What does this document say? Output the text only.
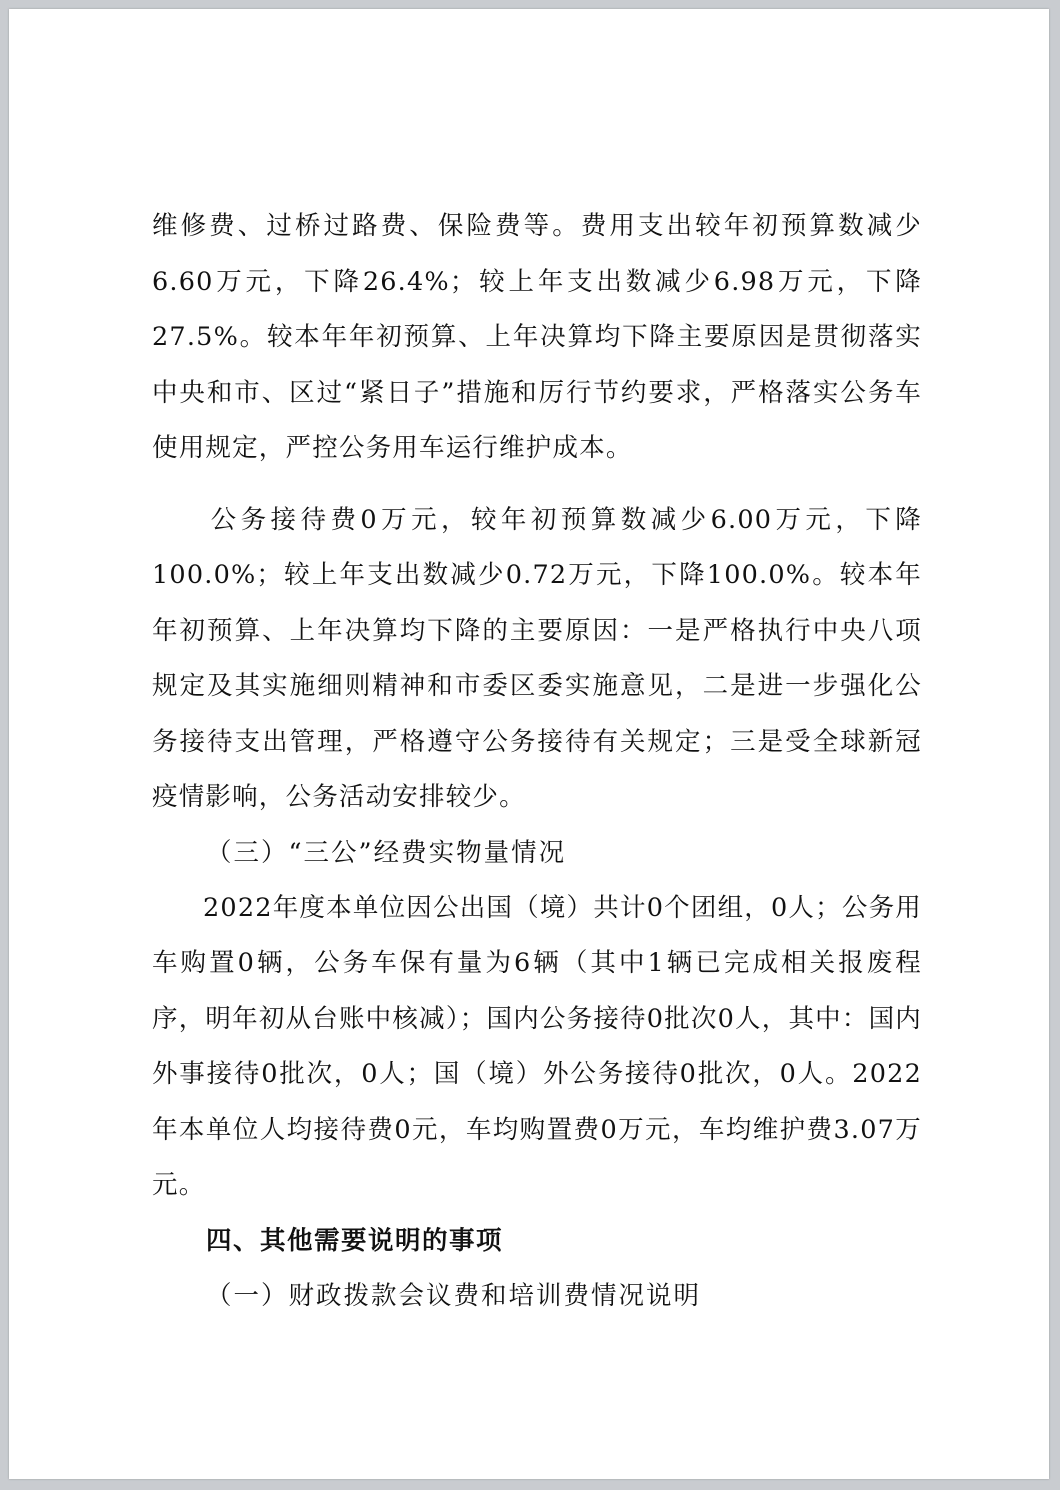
维修费、过桥过路费、保险费等。费用支出较年初预算数减少6.60万元，下降26.4%；较上年支出数减少6.98万元，下降27.5%。较本年年初预算、上年决算均下降主要原因是贯彻落实中央和市、区过“紧日子”措施和厉行节约要求，严格落实公务车使用规定，严控公务用车运行维护成本。

公务接待费0万元，较年初预算数减少6.00万元，下降100.0%；较上年支出数减少0.72万元，下降100.0%。较本年年初预算、上年决算均下降的主要原因：一是严格执行中央八项规定及其实施细则精神和市委区委实施意见，二是进一步强化公务接待支出管理，严格遵守公务接待有关规定；三是受全球新冠疫情影响，公务活动安排较少。

（三）“三公”经费实物量情况

2022年度本单位因公出国（境）共计0个团组，0人；公务用车购置0辆，公务车保有量为6辆（其中1辆已完成相关报废程序，明年初从台账中核减）；国内公务接待0批次0人，其中：国内外事接待0批次，0人；国（境）外公务接待0批次，0人。2022年本单位人均接待费0元，车均购置费0万元，车均维护费3.07万元。

四、其他需要说明的事项

（一）财政拨款会议费和培训费情况说明
